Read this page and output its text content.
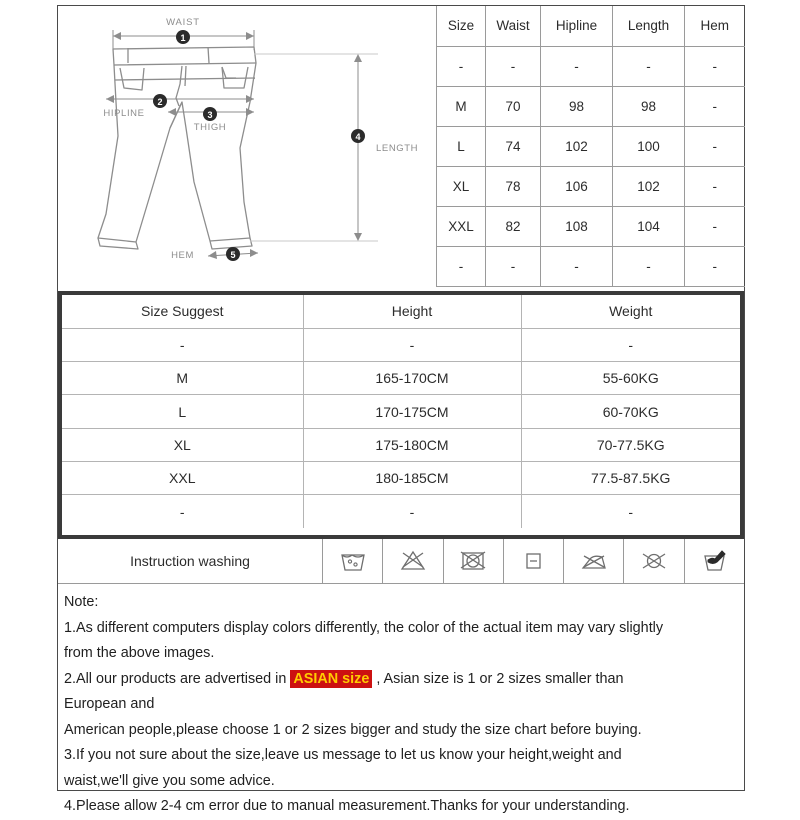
WAIST
1
HIPLINE
2
THIGH
3
LENGTH
4
HEM	5
Size	Waist	Hipline	Length	Hem
-	-	-	-	-
M	70	98	98	-
L	74	102	100	-
XL	78	106	102	-
XXL	82	108	104	-
-	-	-	-	-
Size Suggest	Height	Weight
-	-	-
M	165-170CM	55-60KG
L	170-175CM	60-70KG
XL	175-180CM	70-77.5KG
XXL	180-185CM	77.5-87.5KG
-	-	-
Instruction washing
Note:
1.As different computers display colors differently, the color of the actual item may vary slightly
from the above images.
2.All our products are advertised in ASIAN size , Asian size is 1 or 2 sizes smaller than
European and
American people,please choose 1 or 2 sizes bigger and study the size chart before buying.
3.If you not sure about the size,leave us message to let us know your height,weight and
waist,we'll give you some advice.
4.Please allow 2-4 cm error due to manual measurement.Thanks for your understanding.
